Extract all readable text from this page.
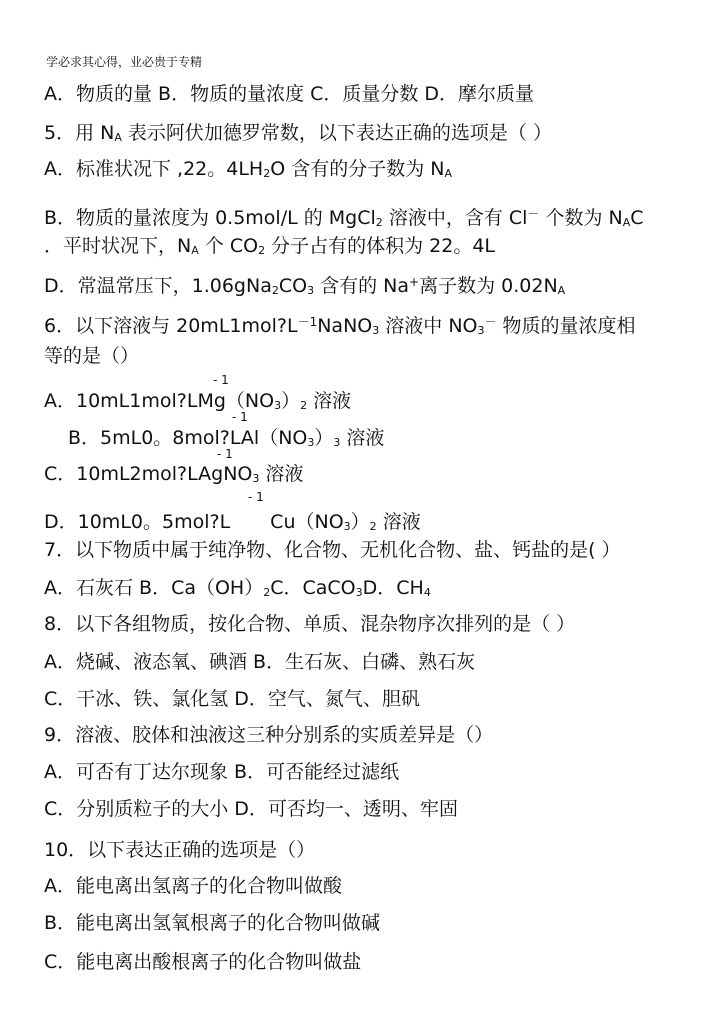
学必求其心得，业必贵于专精
A．物质的量 B．物质的量浓度 C．质量分数 D．摩尔质量
5．用 NA 表示阿伏加德罗常数，以下表达正确的选项是（ ）
A．标准状况下 ,22。4LH2O 含有的分子数为 NA
B．物质的量浓度为 0.5mol/L 的 MgCl2 溶液中，含有 Cl－ 个数为 NAC
．平时状况下，NA 个 CO2 分子占有的体积为 22。4L
D．常温常压下，1.06gNa2CO3 含有的 Na+离子数为 0.02NA
6．以下溶液与 $20mL1mol?L^{-1}NaNO3$ 溶液中 NO3－ 物质的量浓度相
等的是（）
- 1
A．10mL1mol?LMg（NO3）2 溶液
- 1
B．5mL0。8mol?LAl（NO3）3 溶液
- 1
C．10mL2mol?LAgNO3 溶液
- 1
D．10mL0。5mol?L Cu（NO3）2 溶液
7．以下物质中属于纯净物、化合物、无机化合物、盐、钙盐的是( ）
A．石灰石 B．Ca（OH）2C．CaCO3D．CH4
8．以下各组物质，按化合物、单质、混杂物序次排列的是（ ）
A．烧碱、液态氧、碘酒 B．生石灰、白磷、熟石灰
C．干冰、铁、氯化氢 D．空气、氮气、胆矾
9．溶液、胶体和浊液这三种分别系的实质差异是（）
A．可否有丁达尔现象 B．可否能经过滤纸
C．分别质粒子的大小 D．可否均一、透明、牢固
10．以下表达正确的选项是（）
A．能电离出氢离子的化合物叫做酸
B．能电离出氢氧根离子的化合物叫做碱
C．能电离出酸根离子的化合物叫做盐
